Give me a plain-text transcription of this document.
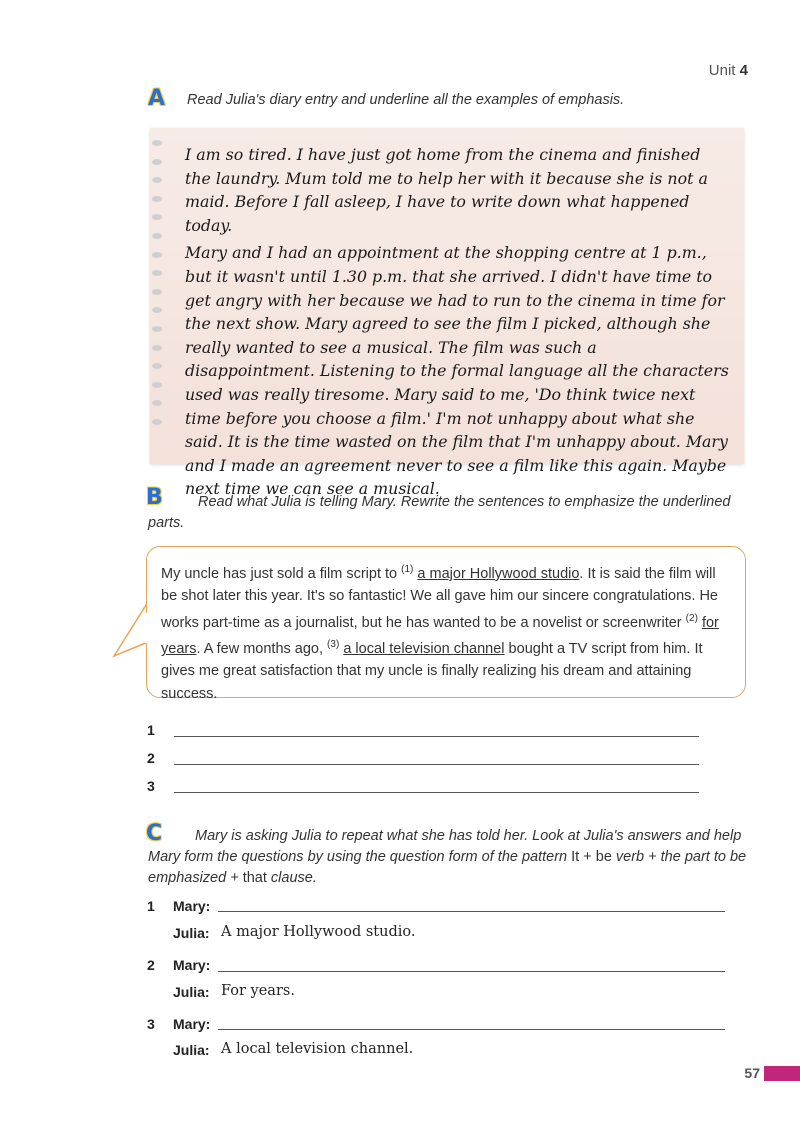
Unit 4
A	Read Julia's diary entry and underline all the examples of emphasis.

I am so tired. I have just got home from the cinema and finished the laundry. Mum told me to help her with it because she is not a maid. Before I fall asleep, I have to write down what happened today.

Mary and I had an appointment at the shopping centre at 1 p.m., but it wasn't until 1.30 p.m. that she arrived. I didn't have time to get angry with her because we had to run to the cinema in time for the next show. Mary agreed to see the film I picked, although she really wanted to see a musical. The film was such a disappointment. Listening to the formal language all the characters used was really tiresome. Mary said to me, 'Do think twice next time before you choose a film.' I'm not unhappy about what she said. It is the time wasted on the film that I'm unhappy about. Mary and I made an agreement never to see a film like this again. Maybe next time we can see a musical.

B	Read what Julia is telling Mary. Rewrite the sentences to emphasize the underlined parts.

My uncle has just sold a film script to $^{(1)}$ a major Hollywood studio. It is said the film will be shot later this year. It's so fantastic! We all gave him our sincere congratulations. He works part-time as a journalist, but he has wanted to be a novelist or screenwriter $^{(2)}$ for years. A few months ago, $^{(3)}$ a local television channel bought a TV script from him. It gives me great satisfaction that my uncle is finally realizing his dream and attaining success.

1
2
3
C	Mary is asking Julia to repeat what she has told her. Look at Julia's answers and help Mary form the questions by using the question form of the pattern It + be verb + the part to be emphasized + that clause.
1 Mary:
Julia: A major Hollywood studio.
2 Mary:
Julia: For years.
3 Mary:
Julia: A local television channel.
57
